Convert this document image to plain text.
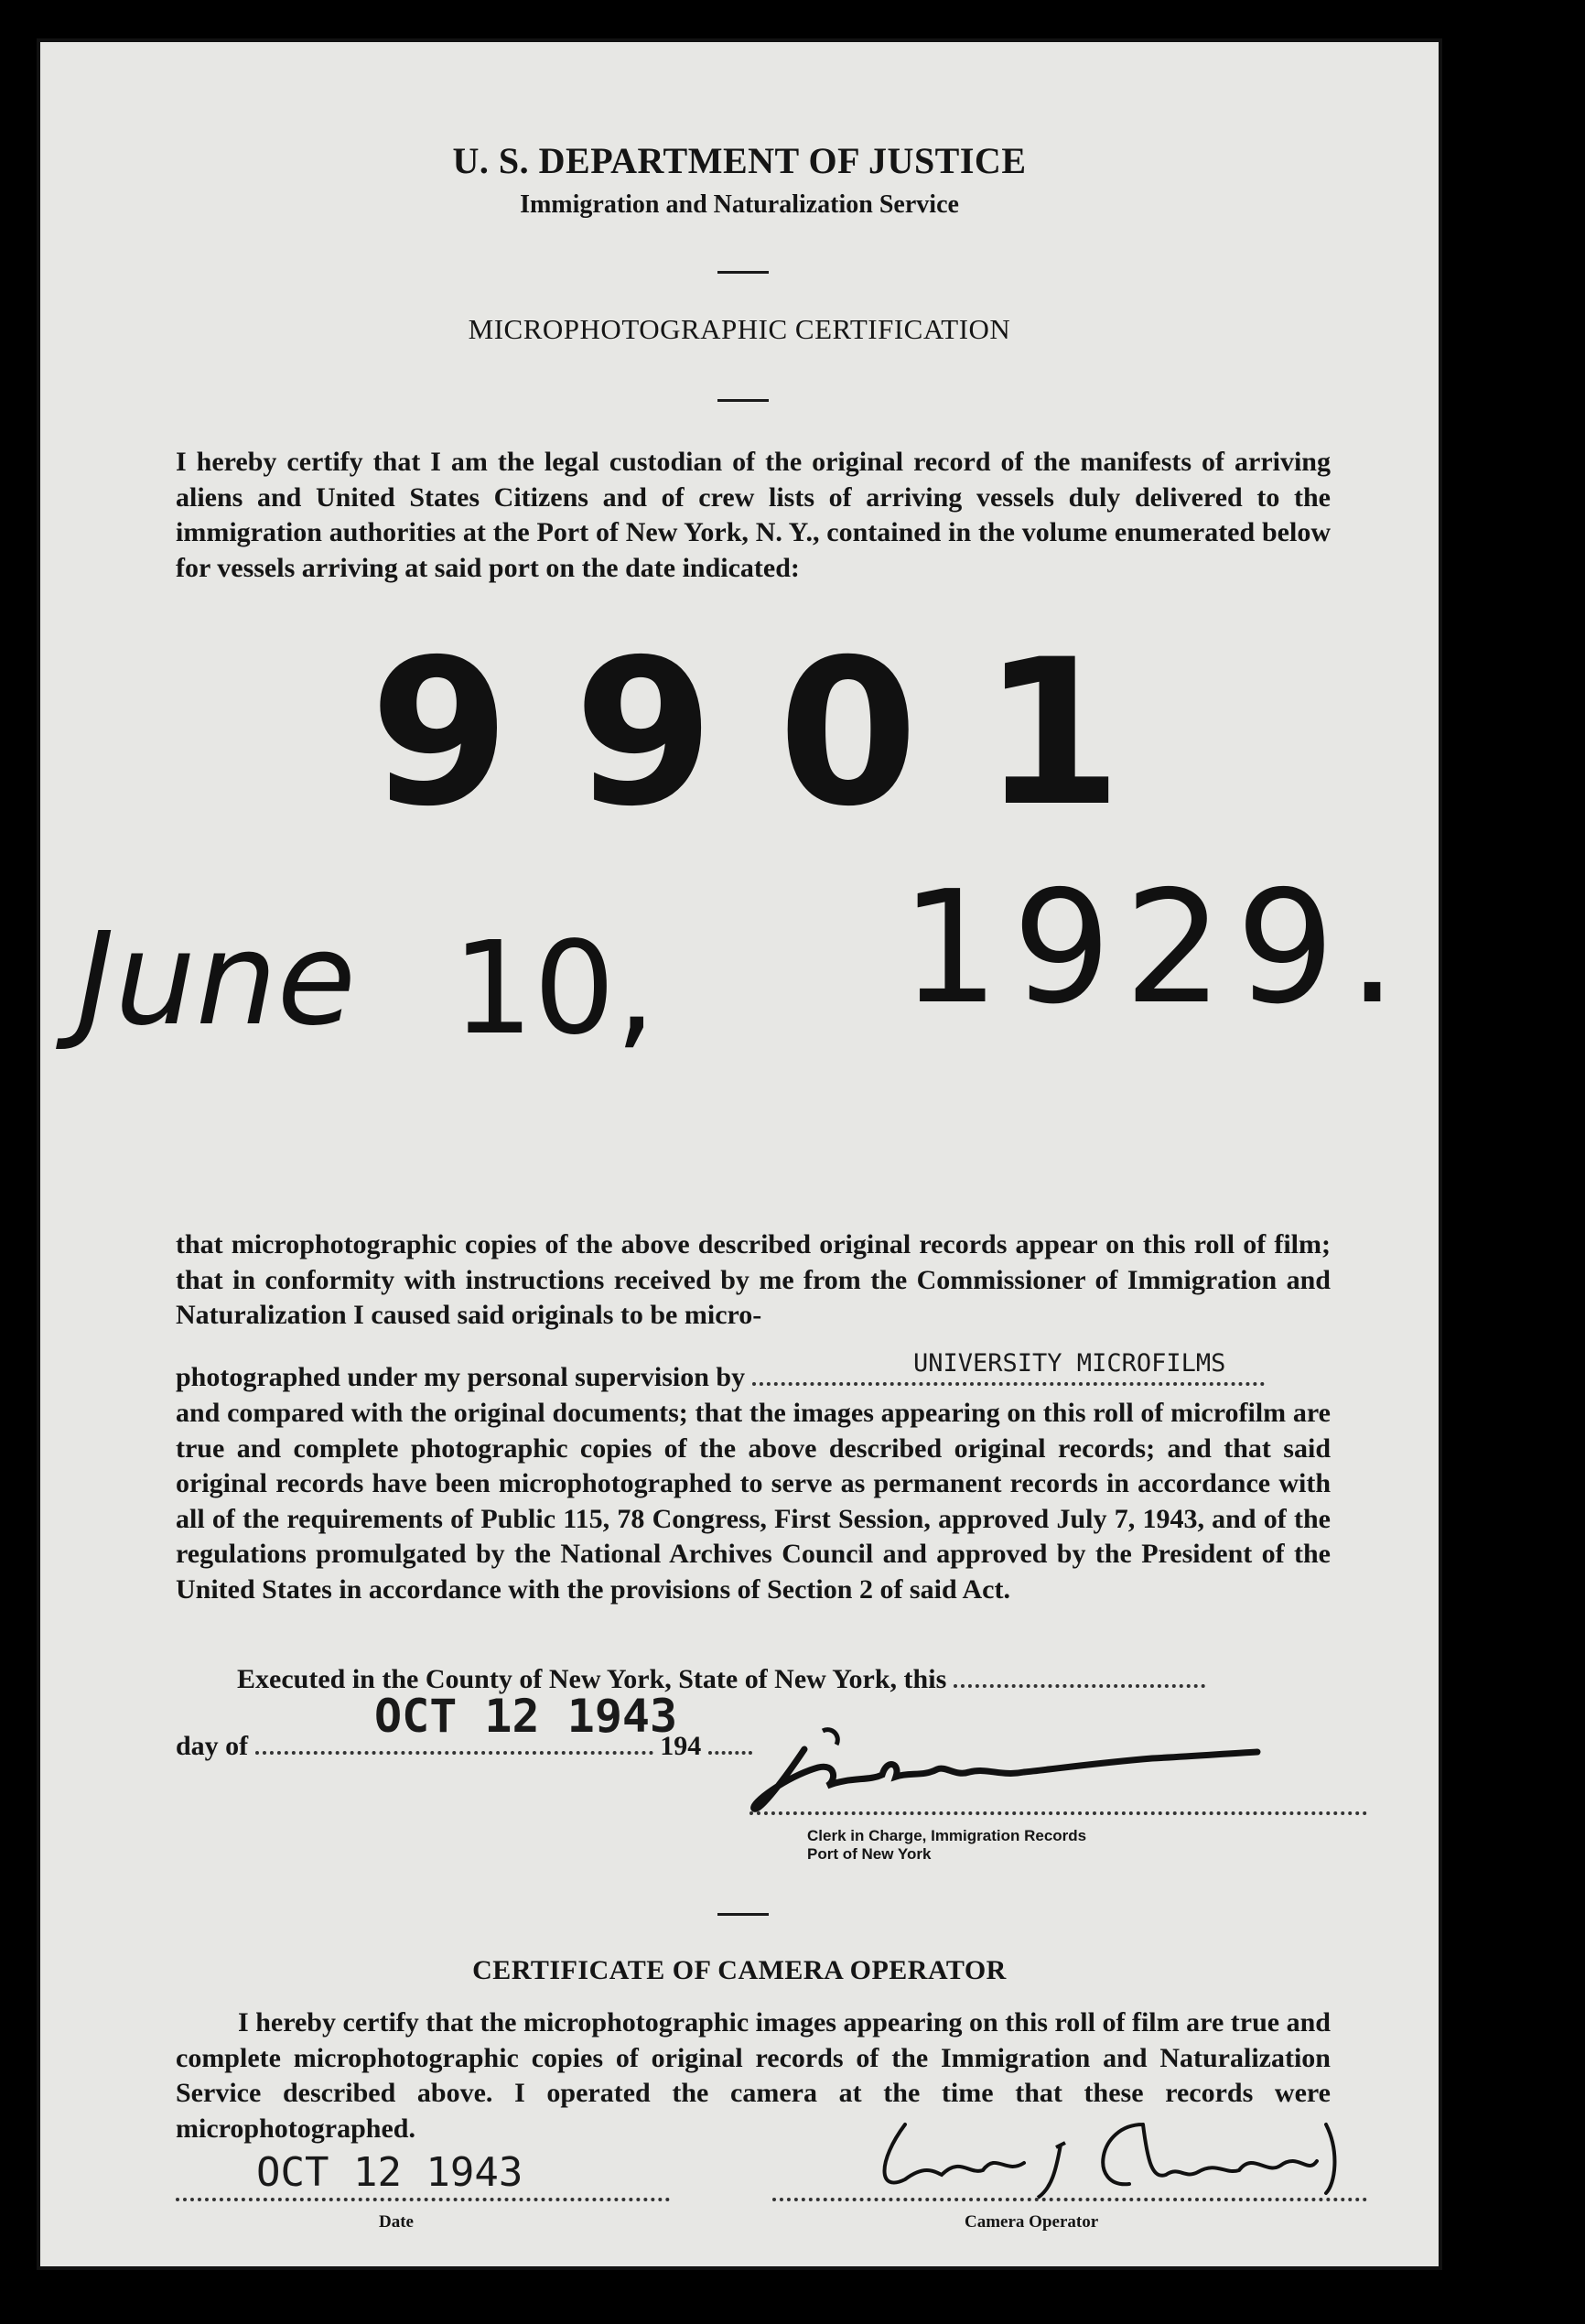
U. S. DEPARTMENT OF JUSTICE
Immigration and Naturalization Service
MICROPHOTOGRAPHIC CERTIFICATION
I hereby certify that I am the legal custodian of the original record of the manifests of arriving aliens and United States Citizens and of crew lists of arriving vessels duly delivered to the immigration authorities at the Port of New York, N. Y., contained in the volume enumerated below for vessels arriving at said port on the date indicated:
9901
June 10, 1929.
that microphotographic copies of the above described original records appear on this roll of film; that in conformity with instructions received by me from the Commissioner of Immigration and Naturalization I caused said originals to be micro-
photographed under my personal supervision by	UNIVERSITY MICROFILMS
and compared with the original documents; that the images appearing on this roll of microfilm are true and complete photographic copies of the above described original records; and that said original records have been microphotographed to serve as permanent records in accordance with all of the requirements of Public 115, 78 Congress, First Session, approved July 7, 1943, and of the regulations promulgated by the National Archives Council and approved by the President of the United States in accordance with the provisions of Section 2 of said Act.
Executed in the County of New York, State of New York, this
OCT 12 1943
day of	194
Clerk in Charge, Immigration Records
Port of New York
CERTIFICATE OF CAMERA OPERATOR
I hereby certify that the microphotographic images appearing on this roll of film are true and complete microphotographic copies of original records of the Immigration and Naturalization Service described above. I operated the camera at the time that these records were microphotographed.
OCT 12 1943
Date	Camera Operator
